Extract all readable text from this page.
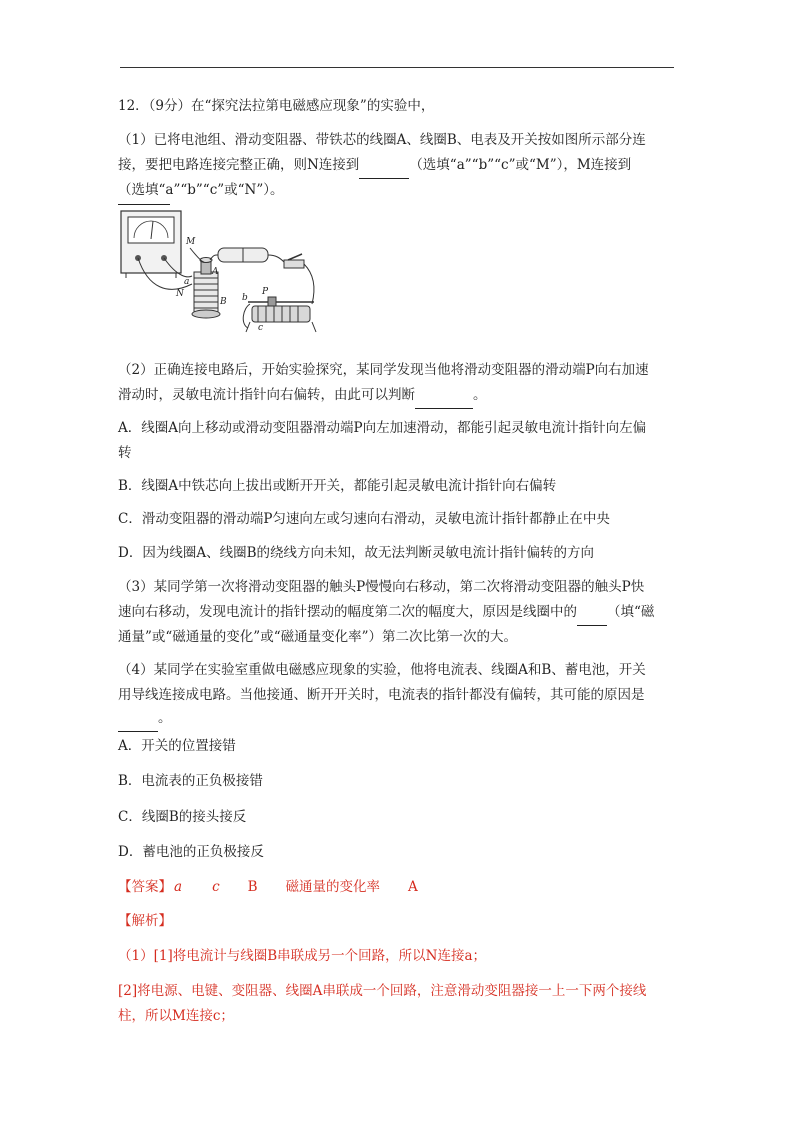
12．（9分）在“探究法拉第电磁感应现象”的实验中，

（1）已将电池组、滑动变阻器、带铁芯的线圈A、线圈B、电表及开关按如图所示部分连

接，要把电路连接完整正确，则N连接到	（选填“a”“b”“c”或“M”），M连接到

（选填“a”“b”“c”或“N”）。

M
N
a
A
B b
P
c

（2）正确连接电路后，开始实验探究，某同学发现当他将滑动变阻器的滑动端P向右加速

滑动时，灵敏电流计指针向右偏转，由此可以判断	。

A．线圈A向上移动或滑动变阻器滑动端P向左加速滑动，都能引起灵敏电流计指针向左偏

转

B．线圈A中铁芯向上拔出或断开开关，都能引起灵敏电流计指针向右偏转

C．滑动变阻器的滑动端P匀速向左或匀速向右滑动，灵敏电流计指针都静止在中央

D．因为线圈A、线圈B的绕线方向未知，故无法判断灵敏电流计指针偏转的方向

（3）某同学第一次将滑动变阻器的触头P慢慢向右移动，第二次将滑动变阻器的触头P快

速向右移动，发现电流计的指针摆动的幅度第二次的幅度大，原因是线圈中的 （填“磁

通量”或“磁通量的变化”或“磁通量变化率”）第二次比第一次的大。

（4）某同学在实验室重做电磁感应现象的实验，他将电流表、线圈A和B、蓄电池，开关

用导线连接成电路。当他接通、断开开关时，电流表的指针都没有偏转，其可能的原因是

。

A．开关的位置接错

B．电流表的正负极接错

C．线圈B的接头接反

D．蓄电池的正负极接反

【答案】 a c B 磁通量的变化率 A

【解析】

（1）[1]将电流计与线圈B串联成另一个回路，所以N连接a；

[2]将电源、电键、变阻器、线圈A串联成一个回路，注意滑动变阻器接一上一下两个接线

柱，所以M连接c；
